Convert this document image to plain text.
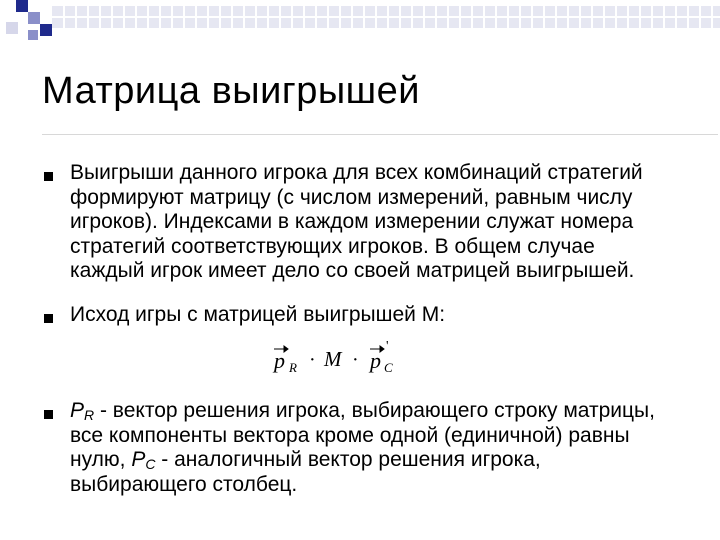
Матрица выигрышей
Выигрыши данного игрока для всех комбинаций стратегий формируют матрицу (с числом измерений, равным числу игроков). Индексами в каждом измерении служат номера стратегий соответствующих игроков. В общем случае каждый игрок имеет дело со своей матрицей выигрышей.
Исход игры с матрицей выигрышей M:
p R · M · p C
'
$P_R$ - вектор решения игрока, выбирающего строку матрицы, все компоненты вектора кроме одной (единичной) равны нулю, $P_C$ - аналогичный вектор решения игрока, выбирающего столбец.
